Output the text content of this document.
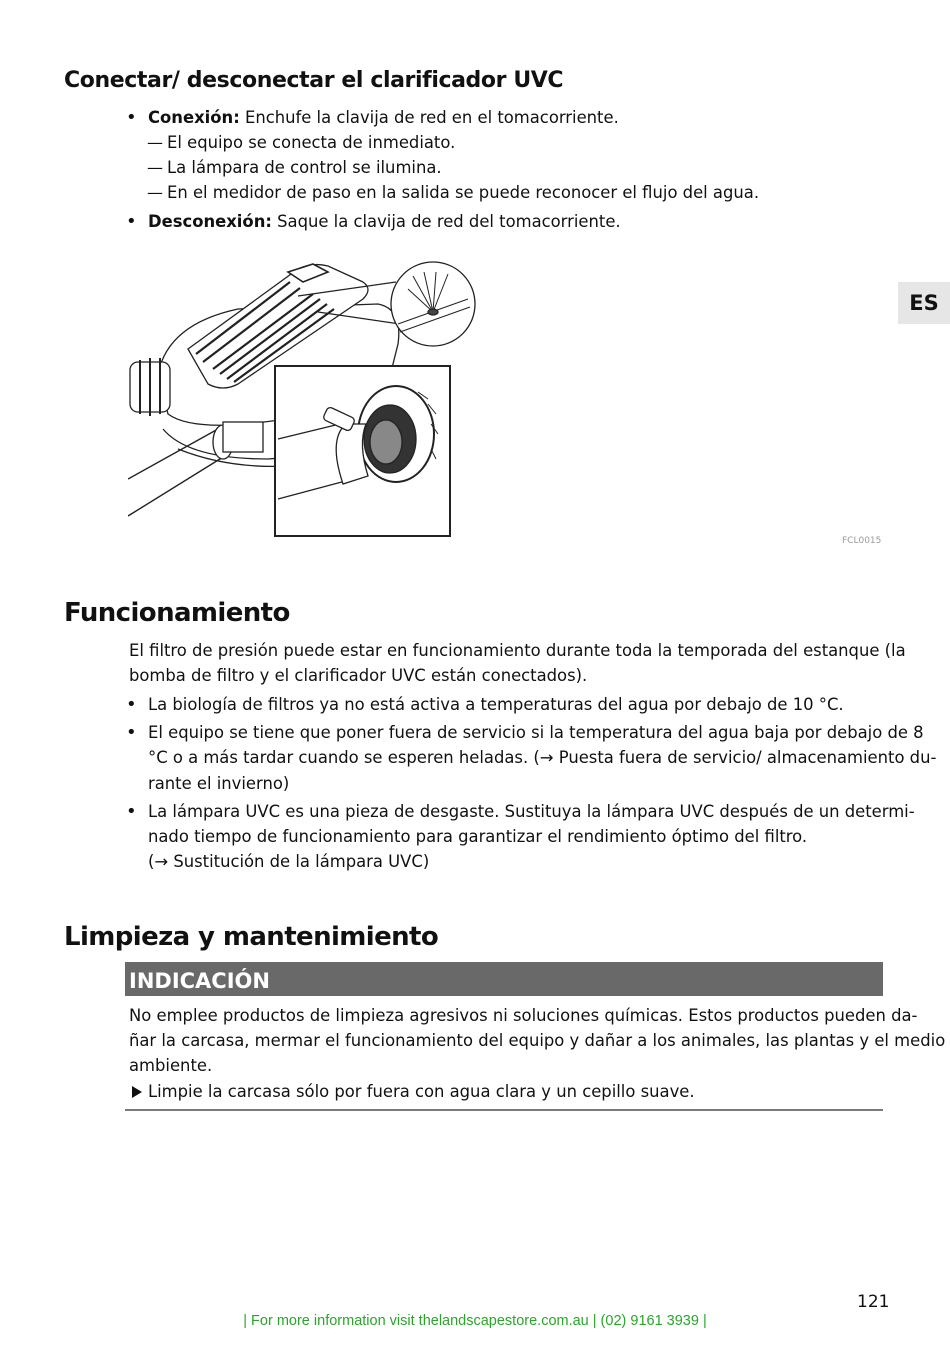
Conectar/ desconectar el clarificador UVC
• Conexión: Enchufe la clavija de red en el tomacorriente.
— El equipo se conecta de inmediato.
— La lámpara de control se ilumina.
— En el medidor de paso en la salida se puede reconocer el flujo del agua.
• Desconexión: Saque la clavija de red del tomacorriente.
FCL0015
ES
Funcionamiento
El filtro de presión puede estar en funcionamiento durante toda la temporada del estanque (la
bomba de filtro y el clarificador UVC están conectados).
• La biología de filtros ya no está activa a temperaturas del agua por debajo de 10 °C.
• El equipo se tiene que poner fuera de servicio si la temperatura del agua baja por debajo de 8
°C o a más tardar cuando se esperen heladas. (→ Puesta fuera de servicio/ almacenamiento du-
rante el invierno)
• La lámpara UVC es una pieza de desgaste. Sustituya la lámpara UVC después de un determi-
nado tiempo de funcionamiento para garantizar el rendimiento óptimo del filtro.
(→ Sustitución de la lámpara UVC)
Limpieza y mantenimiento
INDICACIÓN
No emplee productos de limpieza agresivos ni soluciones químicas. Estos productos pueden da-
ñar la carcasa, mermar el funcionamiento del equipo y dañar a los animales, las plantas y el medio
ambiente.
Limpie la carcasa sólo por fuera con agua clara y un cepillo suave.
121
| For more information visit thelandscapestore.com.au | (02) 9161 3939 |
